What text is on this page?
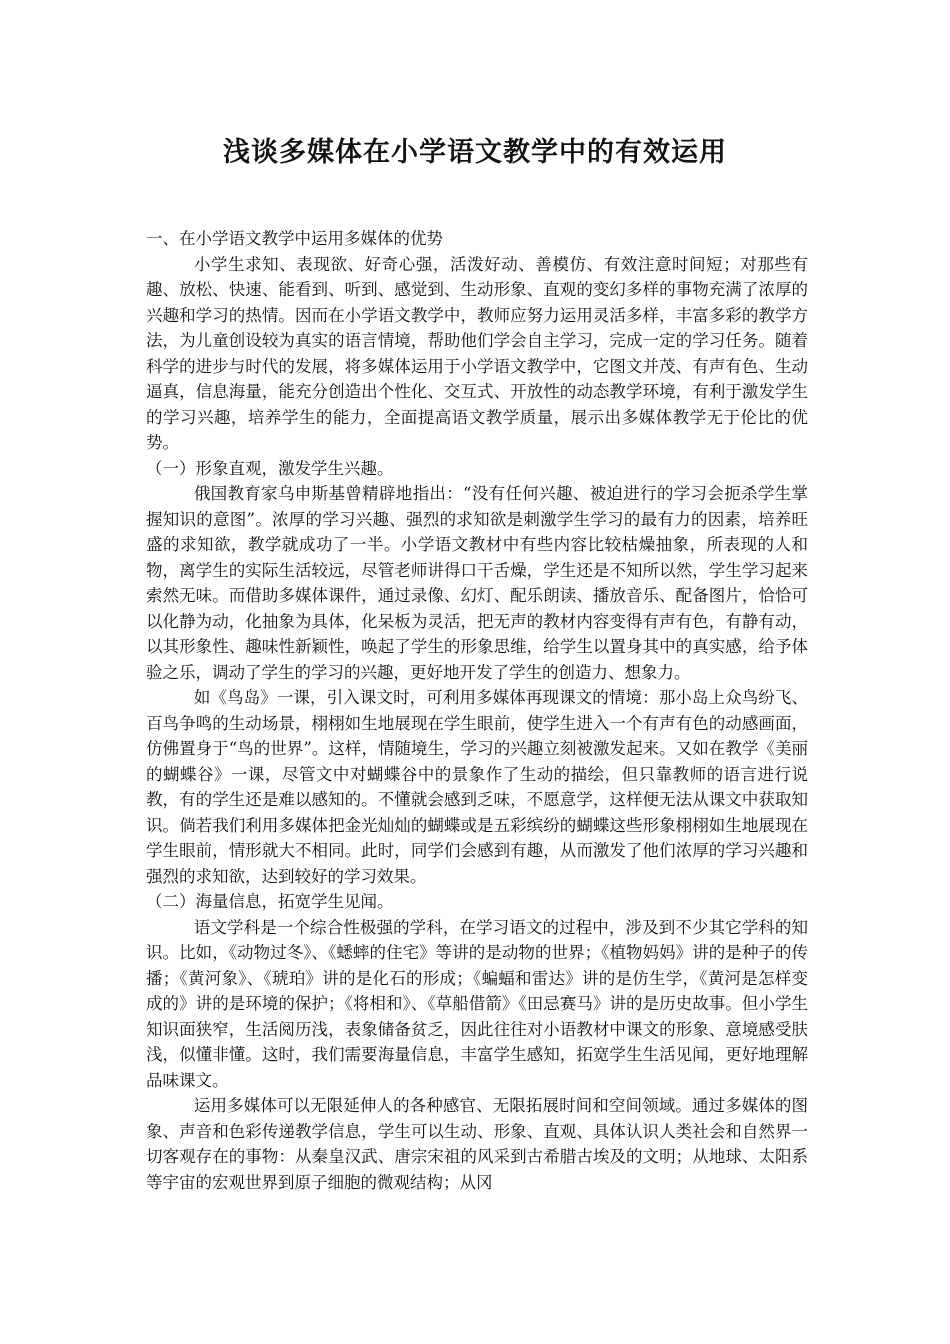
浅谈多媒体在小学语文教学中的有效运用

一、在小学语文教学中运用多媒体的优势

小学生求知、表现欲、好奇心强，活泼好动、善模仿、有效注意时间短；对那些有趣、放松、快速、能看到、听到、感觉到、生动形象、直观的变幻多样的事物充满了浓厚的兴趣和学习的热情。因而在小学语文教学中，教师应努力运用灵活多样，丰富多彩的教学方法，为儿童创设较为真实的语言情境，帮助他们学会自主学习，完成一定的学习任务。随着科学的进步与时代的发展，将多媒体运用于小学语文教学中，它图文并茂、有声有色、生动逼真，信息海量，能充分创造出个性化、交互式、开放性的动态教学环境，有利于激发学生的学习兴趣，培养学生的能力，全面提高语文教学质量，展示出多媒体教学无于伦比的优势。

（一）形象直观，激发学生兴趣。

俄国教育家乌申斯基曾精辟地指出：“没有任何兴趣、被迫进行的学习会扼杀学生掌握知识的意图”。浓厚的学习兴趣、强烈的求知欲是刺激学生学习的最有力的因素，培养旺盛的求知欲，教学就成功了一半。小学语文教材中有些内容比较枯燥抽象，所表现的人和物，离学生的实际生活较远，尽管老师讲得口干舌燥，学生还是不知所以然，学生学习起来索然无味。而借助多媒体课件，通过录像、幻灯、配乐朗读、播放音乐、配备图片，恰恰可以化静为动，化抽象为具体，化呆板为灵活，把无声的教材内容变得有声有色，有静有动，以其形象性、趣味性新颖性，唤起了学生的形象思维，给学生以置身其中的真实感，给予体验之乐，调动了学生的学习的兴趣，更好地开发了学生的创造力、想象力。

如《鸟岛》一课，引入课文时，可利用多媒体再现课文的情境：那小岛上众鸟纷飞、百鸟争鸣的生动场景，栩栩如生地展现在学生眼前，使学生进入一个有声有色的动感画面，仿佛置身于“鸟的世界”。这样，情随境生，学习的兴趣立刻被激发起来。又如在教学《美丽的蝴蝶谷》一课，尽管文中对蝴蝶谷中的景象作了生动的描绘，但只靠教师的语言进行说教，有的学生还是难以感知的。不懂就会感到乏味，不愿意学，这样便无法从课文中获取知识。倘若我们利用多媒体把金光灿灿的蝴蝶或是五彩缤纷的蝴蝶这些形象栩栩如生地展现在学生眼前，情形就大不相同。此时，同学们会感到有趣，从而激发了他们浓厚的学习兴趣和强烈的求知欲，达到较好的学习效果。

（二）海量信息，拓宽学生见闻。

语文学科是一个综合性极强的学科，在学习语文的过程中，涉及到不少其它学科的知识。比如，《动物过冬》、《蟋蟀的住宅》等讲的是动物的世界；《植物妈妈》讲的是种子的传播；《黄河象》、《琥珀》讲的是化石的形成；《蝙蝠和雷达》讲的是仿生学，《黄河是怎样变成的》讲的是环境的保护；《将相和》、《草船借箭》《田忌赛马》讲的是历史故事。但小学生知识面狭窄，生活阅历浅，表象储备贫乏，因此往往对小语教材中课文的形象、意境感受肤浅，似懂非懂。这时，我们需要海量信息，丰富学生感知，拓宽学生生活见闻，更好地理解品味课文。

运用多媒体可以无限延伸人的各种感官、无限拓展时间和空间领域。通过多媒体的图象、声音和色彩传递教学信息，学生可以生动、形象、直观、具体认识人类社会和自然界一切客观存在的事物：从秦皇汉武、唐宗宋祖的风采到古希腊古埃及的文明；从地球、太阳系等宇宙的宏观世界到原子细胞的微观结构；从冈
